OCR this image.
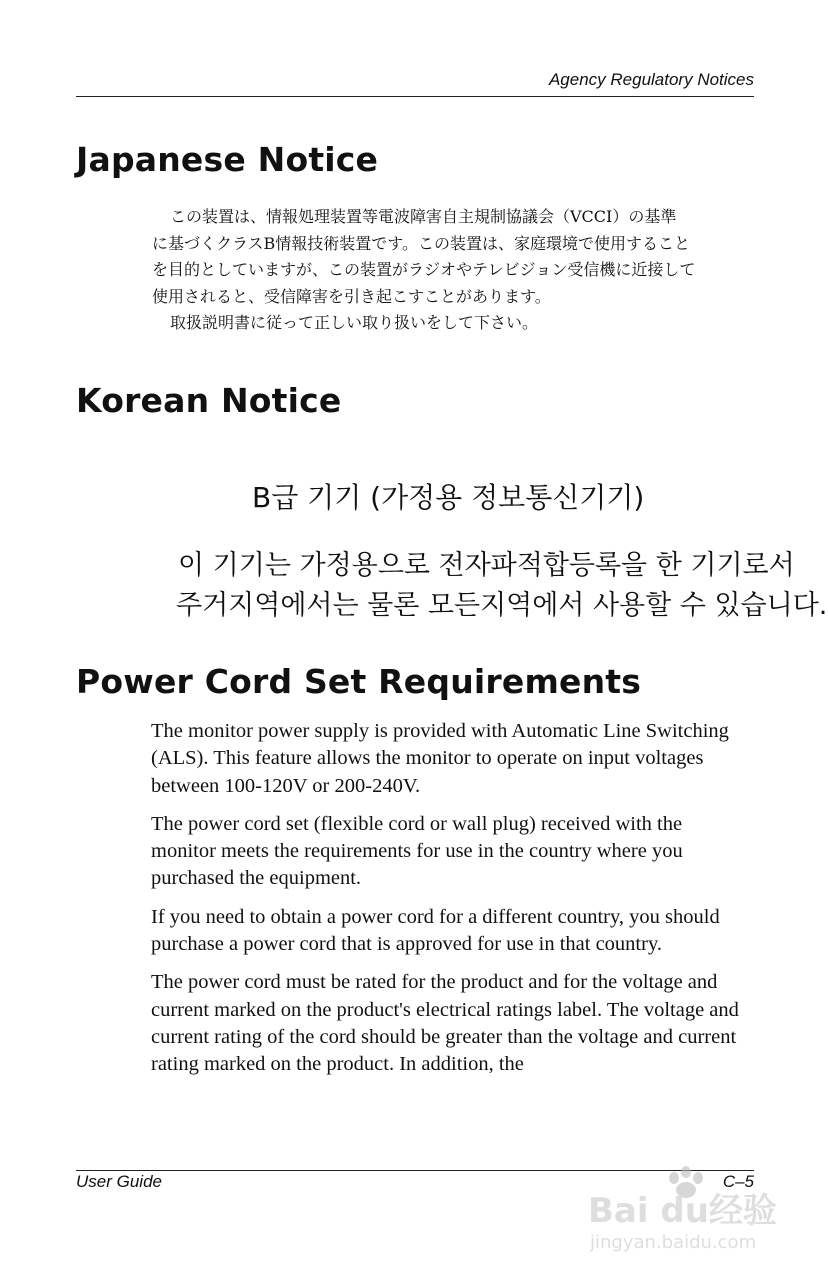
Agency Regulatory Notices
Japanese Notice
この装置は、情報処理装置等電波障害自主規制協議会（VCCI）の基準
に基づくクラスB情報技術装置です。この装置は、家庭環境で使用すること
を目的としていますが、この装置がラジオやテレビジョン受信機に近接して
使用されると、受信障害を引き起こすことがあります。
取扱説明書に従って正しい取り扱いをして下さい。
Korean Notice
B급 기기 (가정용 정보통신기기)
이 기기는 가정용으로 전자파적합등록을 한 기기로서
주거지역에서는 물론 모든지역에서 사용할 수 있습니다.
Power Cord Set Requirements

The monitor power supply is provided with Automatic Line Switching (ALS). This feature allows the monitor to operate on input voltages between 100-120V or 200-240V.

The power cord set (flexible cord or wall plug) received with the monitor meets the requirements for use in the country where you purchased the equipment.

If you need to obtain a power cord for a different country, you should purchase a power cord that is approved for use in that country.

The power cord must be rated for the product and for the voltage and current marked on the product's electrical ratings label. The voltage and current rating of the cord should be greater than the voltage and current rating marked on the product. In addition, the

User Guide	C–5
Bai du经验
jingyan.baidu.com
